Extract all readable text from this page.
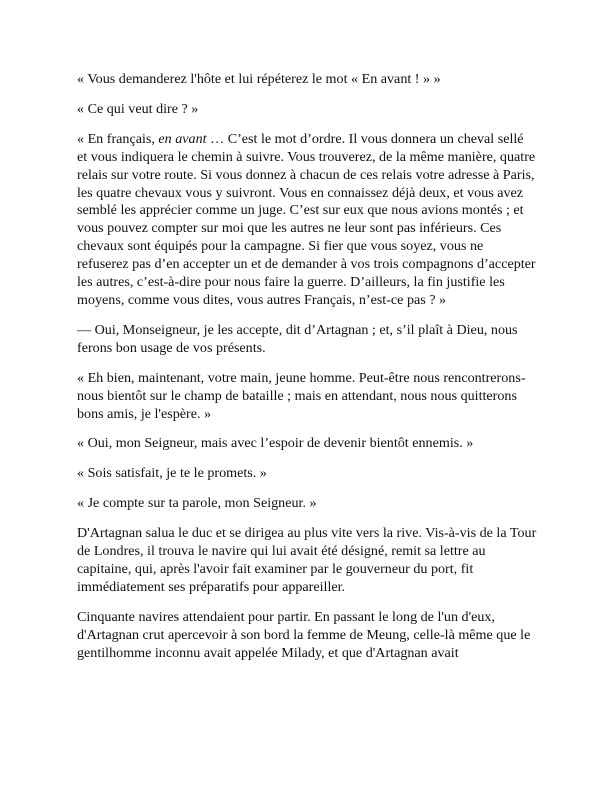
« Vous demanderez l'hôte et lui répéterez le mot « En avant ! » »

« Ce qui veut dire ? »

« En français, en avant … C’est le mot d’ordre. Il vous donnera un cheval sellé et vous indiquera le chemin à suivre. Vous trouverez, de la même manière, quatre relais sur votre route. Si vous donnez à chacun de ces relais votre adresse à Paris, les quatre chevaux vous y suivront. Vous en connaissez déjà deux, et vous avez semblé les apprécier comme un juge. C’est sur eux que nous avions montés ; et vous pouvez compter sur moi que les autres ne leur sont pas inférieurs. Ces chevaux sont équipés pour la campagne. Si fier que vous soyez, vous ne refuserez pas d’en accepter un et de demander à vos trois compagnons d’accepter les autres, c’est-à-dire pour nous faire la guerre. D’ailleurs, la fin justifie les moyens, comme vous dites, vous autres Français, n’est-ce pas ? »

— Oui, Monseigneur, je les accepte, dit d’Artagnan ; et, s’il plaît à Dieu, nous ferons bon usage de vos présents.

« Eh bien, maintenant, votre main, jeune homme. Peut-être nous rencontrerons-nous bientôt sur le champ de bataille ; mais en attendant, nous nous quitterons bons amis, je l'espère. »

« Oui, mon Seigneur, mais avec l’espoir de devenir bientôt ennemis. »

« Sois satisfait, je te le promets. »

« Je compte sur ta parole, mon Seigneur. »

D'Artagnan salua le duc et se dirigea au plus vite vers la rive. Vis-à-vis de la Tour de Londres, il trouva le navire qui lui avait été désigné, remit sa lettre au capitaine, qui, après l'avoir fait examiner par le gouverneur du port, fit immédiatement ses préparatifs pour appareiller.

Cinquante navires attendaient pour partir. En passant le long de l'un d'eux, d'Artagnan crut apercevoir à son bord la femme de Meung, celle-là même que le gentilhomme inconnu avait appelée Milady, et que d'Artagnan avait
